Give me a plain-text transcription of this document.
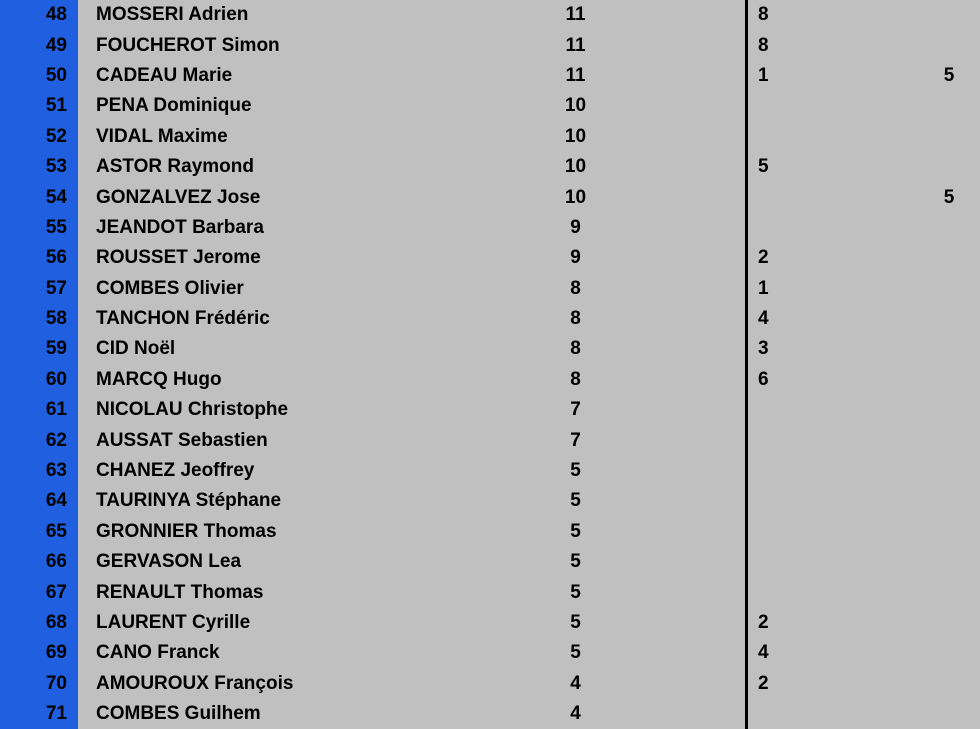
48	MOSSERI Adrien	11		8			
49	FOUCHEROT Simon	11		8			
50	CADEAU Marie	11		1		5	
51	PENA Dominique	10					
52	VIDAL Maxime	10					
53	ASTOR Raymond	10		5			
54	GONZALVEZ Jose	10				5	
55	JEANDOT Barbara	9					
56	ROUSSET Jerome	9		2			
57	COMBES Olivier	8		1			
58	TANCHON Frédéric	8		4			
59	CID Noël	8		3			
60	MARCQ Hugo	8		6			
61	NICOLAU Christophe	7					
62	AUSSAT Sebastien	7					
63	CHANEZ Jeoffrey	5					
64	TAURINYA Stéphane	5					
65	GRONNIER Thomas	5					
66	GERVASON Lea	5					
67	RENAULT Thomas	5					
68	LAURENT Cyrille	5		2			
69	CANO Franck	5		4			
70	AMOUROUX François	4		2			
71	COMBES Guilhem	4					
